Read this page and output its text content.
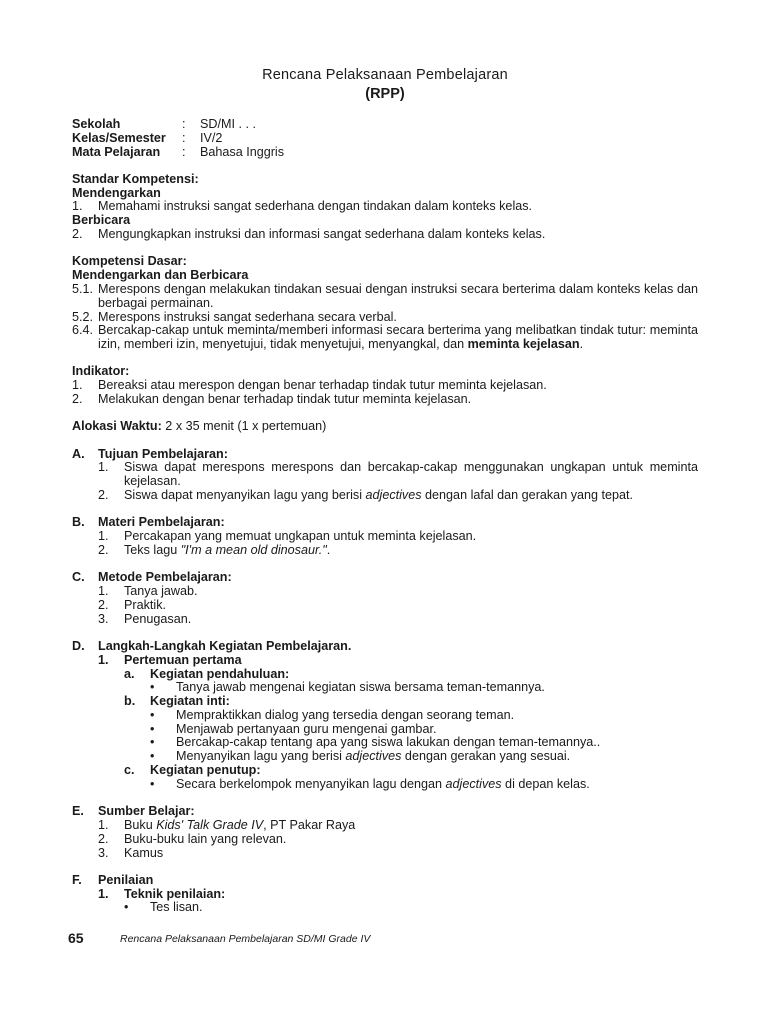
Rencana Pelaksanaan Pembelajaran
(RPP)
Sekolah	: SD/MI . . .
Kelas/Semester : IV/2
Mata Pelajaran : Bahasa Inggris
Standar Kompetensi:
Mendengarkan
1. Memahami instruksi sangat sederhana dengan tindakan dalam konteks kelas.
Berbicara
2. Mengungkapkan instruksi dan informasi sangat sederhana dalam konteks kelas.
Kompetensi Dasar:
Mendengarkan dan Berbicara
5.1. Merespons dengan melakukan tindakan sesuai dengan instruksi secara berterima dalam konteks kelas dan berbagai permainan.
5.2. Merespons instruksi sangat sederhana secara verbal.
6.4. Bercakap-cakap untuk meminta/memberi informasi secara berterima yang melibatkan tindak tutur: meminta izin, memberi izin, menyetujui, tidak menyetujui, menyangkal, dan meminta kejelasan.
Indikator:
1. Bereaksi atau merespon dengan benar terhadap tindak tutur meminta kejelasan.
2. Melakukan dengan benar terhadap tindak tutur meminta kejelasan.
Alokasi Waktu: 2 x 35 menit (1 x pertemuan)
A. Tujuan Pembelajaran:
1. Siswa dapat merespons merespons dan bercakap-cakap menggunakan ungkapan untuk meminta kejelasan.
2. Siswa dapat menyanyikan lagu yang berisi adjectives dengan lafal dan gerakan yang tepat.
B. Materi Pembelajaran:
1. Percakapan yang memuat ungkapan untuk meminta kejelasan.
2. Teks lagu "I'm a mean old dinosaur.".
C. Metode Pembelajaran:
1. Tanya jawab.
2. Praktik.
3. Penugasan.
D. Langkah-Langkah Kegiatan Pembelajaran.
1. Pertemuan pertama
a. Kegiatan pendahuluan:
• Tanya jawab mengenai kegiatan siswa bersama teman-temannya.
b. Kegiatan inti:
• Mempraktikkan dialog yang tersedia dengan seorang teman.
• Menjawab pertanyaan guru mengenai gambar.
• Bercakap-cakap tentang apa yang siswa lakukan dengan teman-temannya..
• Menyanyikan lagu yang berisi adjectives dengan gerakan yang sesuai.
c. Kegiatan penutup:
• Secara berkelompok menyanyikan lagu dengan adjectives di depan kelas.
E. Sumber Belajar:
1. Buku Kids' Talk Grade IV, PT Pakar Raya
2. Buku-buku lain yang relevan.
3. Kamus
F. Penilaian
1. Teknik penilaian:
• Tes lisan.
65	Rencana Pelaksanaan Pembelajaran SD/MI Grade IV
